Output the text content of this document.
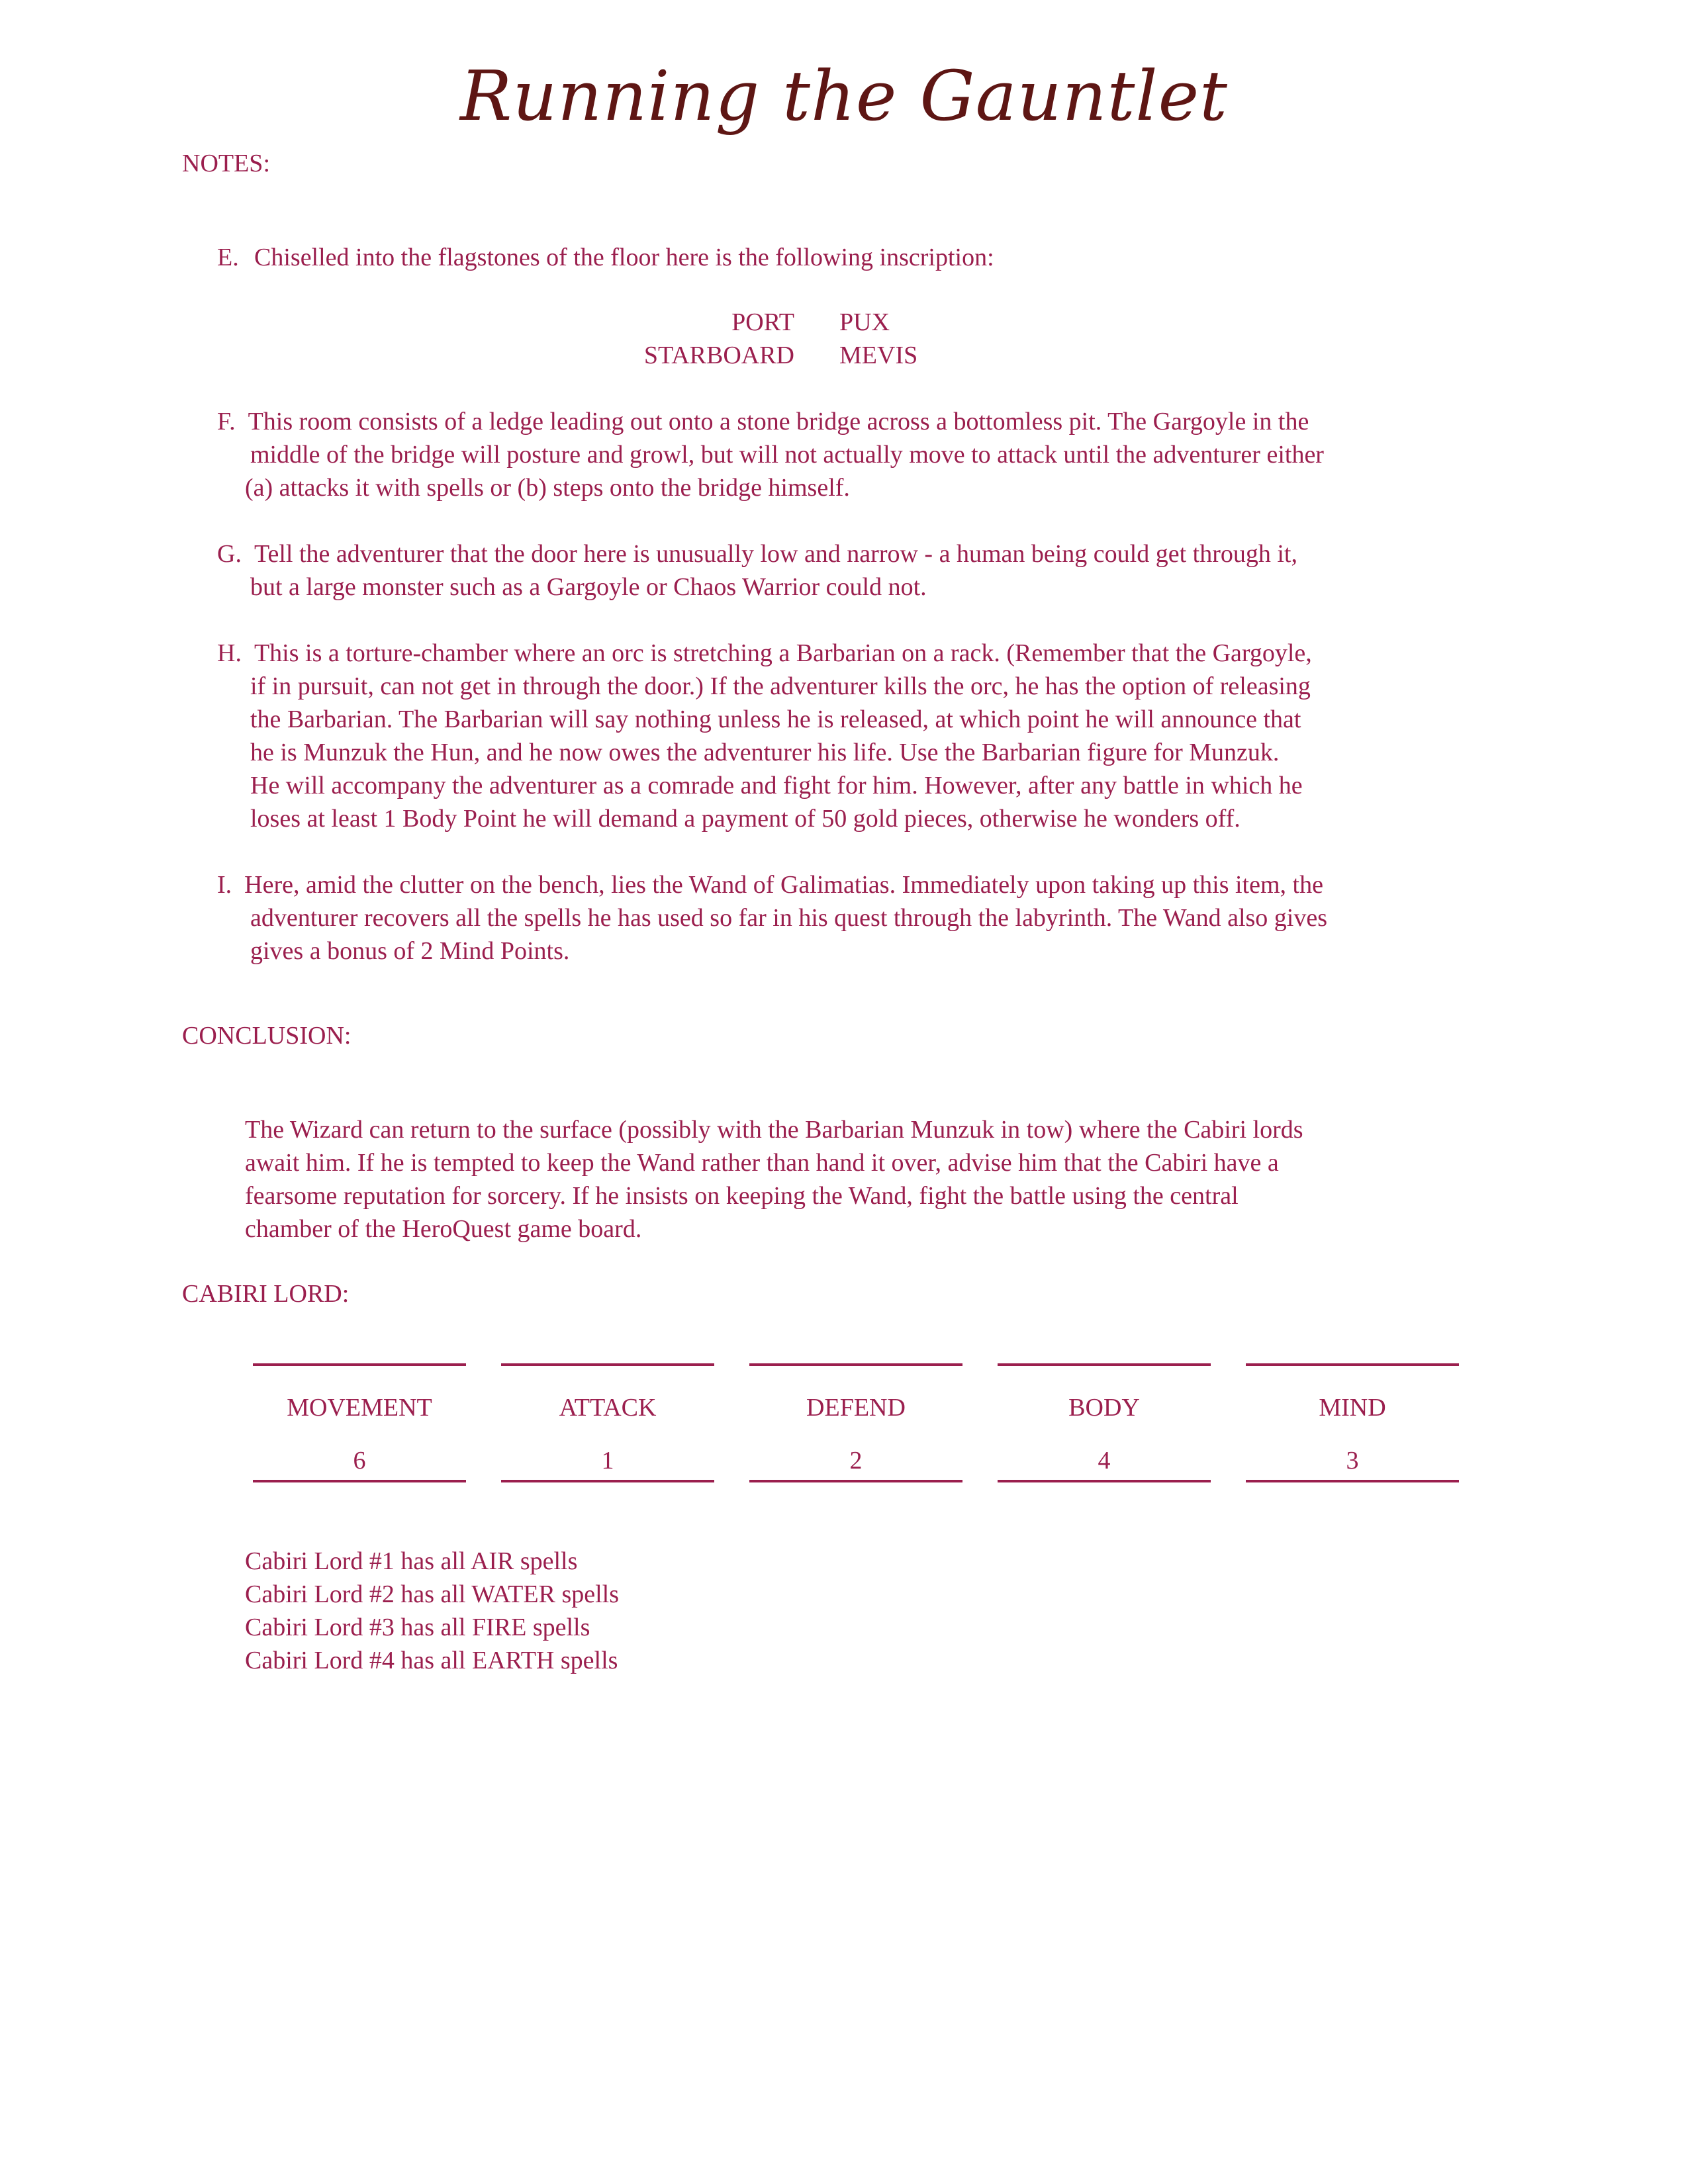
Running the Gauntlet
NOTES:
E. Chiselled into the flagstones of the floor here is the following inscription:
PORT PUX
STARBOARD MEVIS
F. This room consists of a ledge leading out onto a stone bridge across a bottomless pit. The Gargoyle in the
middle of the bridge will posture and growl, but will not actually move to attack until the adventurer either
(a) attacks it with spells or (b) steps onto the bridge himself.
G. Tell the adventurer that the door here is unusually low and narrow - a human being could get through it,
but a large monster such as a Gargoyle or Chaos Warrior could not.
H. This is a torture-chamber where an orc is stretching a Barbarian on a rack. (Remember that the Gargoyle,
if in pursuit, can not get in through the door.) If the adventurer kills the orc, he has the option of releasing
the Barbarian. The Barbarian will say nothing unless he is released, at which point he will announce that
he is Munzuk the Hun, and he now owes the adventurer his life. Use the Barbarian figure for Munzuk.
He will accompany the adventurer as a comrade and fight for him. However, after any battle in which he
loses at least 1 Body Point he will demand a payment of 50 gold pieces, otherwise he wonders off.
I. Here, amid the clutter on the bench, lies the Wand of Galimatias. Immediately upon taking up this item, the
adventurer recovers all the spells he has used so far in his quest through the labyrinth. The Wand also gives
gives a bonus of 2 Mind Points.
CONCLUSION:
The Wizard can return to the surface (possibly with the Barbarian Munzuk in tow) where the Cabiri lords
await him. If he is tempted to keep the Wand rather than hand it over, advise him that the Cabiri have a
fearsome reputation for sorcery. If he insists on keeping the Wand, fight the battle using the central
chamber of the HeroQuest game board.
CABIRI LORD:
MOVEMENT
6
ATTACK
1
DEFEND
2
BODY
4
MIND
3
Cabiri Lord #1 has all AIR spells
Cabiri Lord #2 has all WATER spells
Cabiri Lord #3 has all FIRE spells
Cabiri Lord #4 has all EARTH spells
